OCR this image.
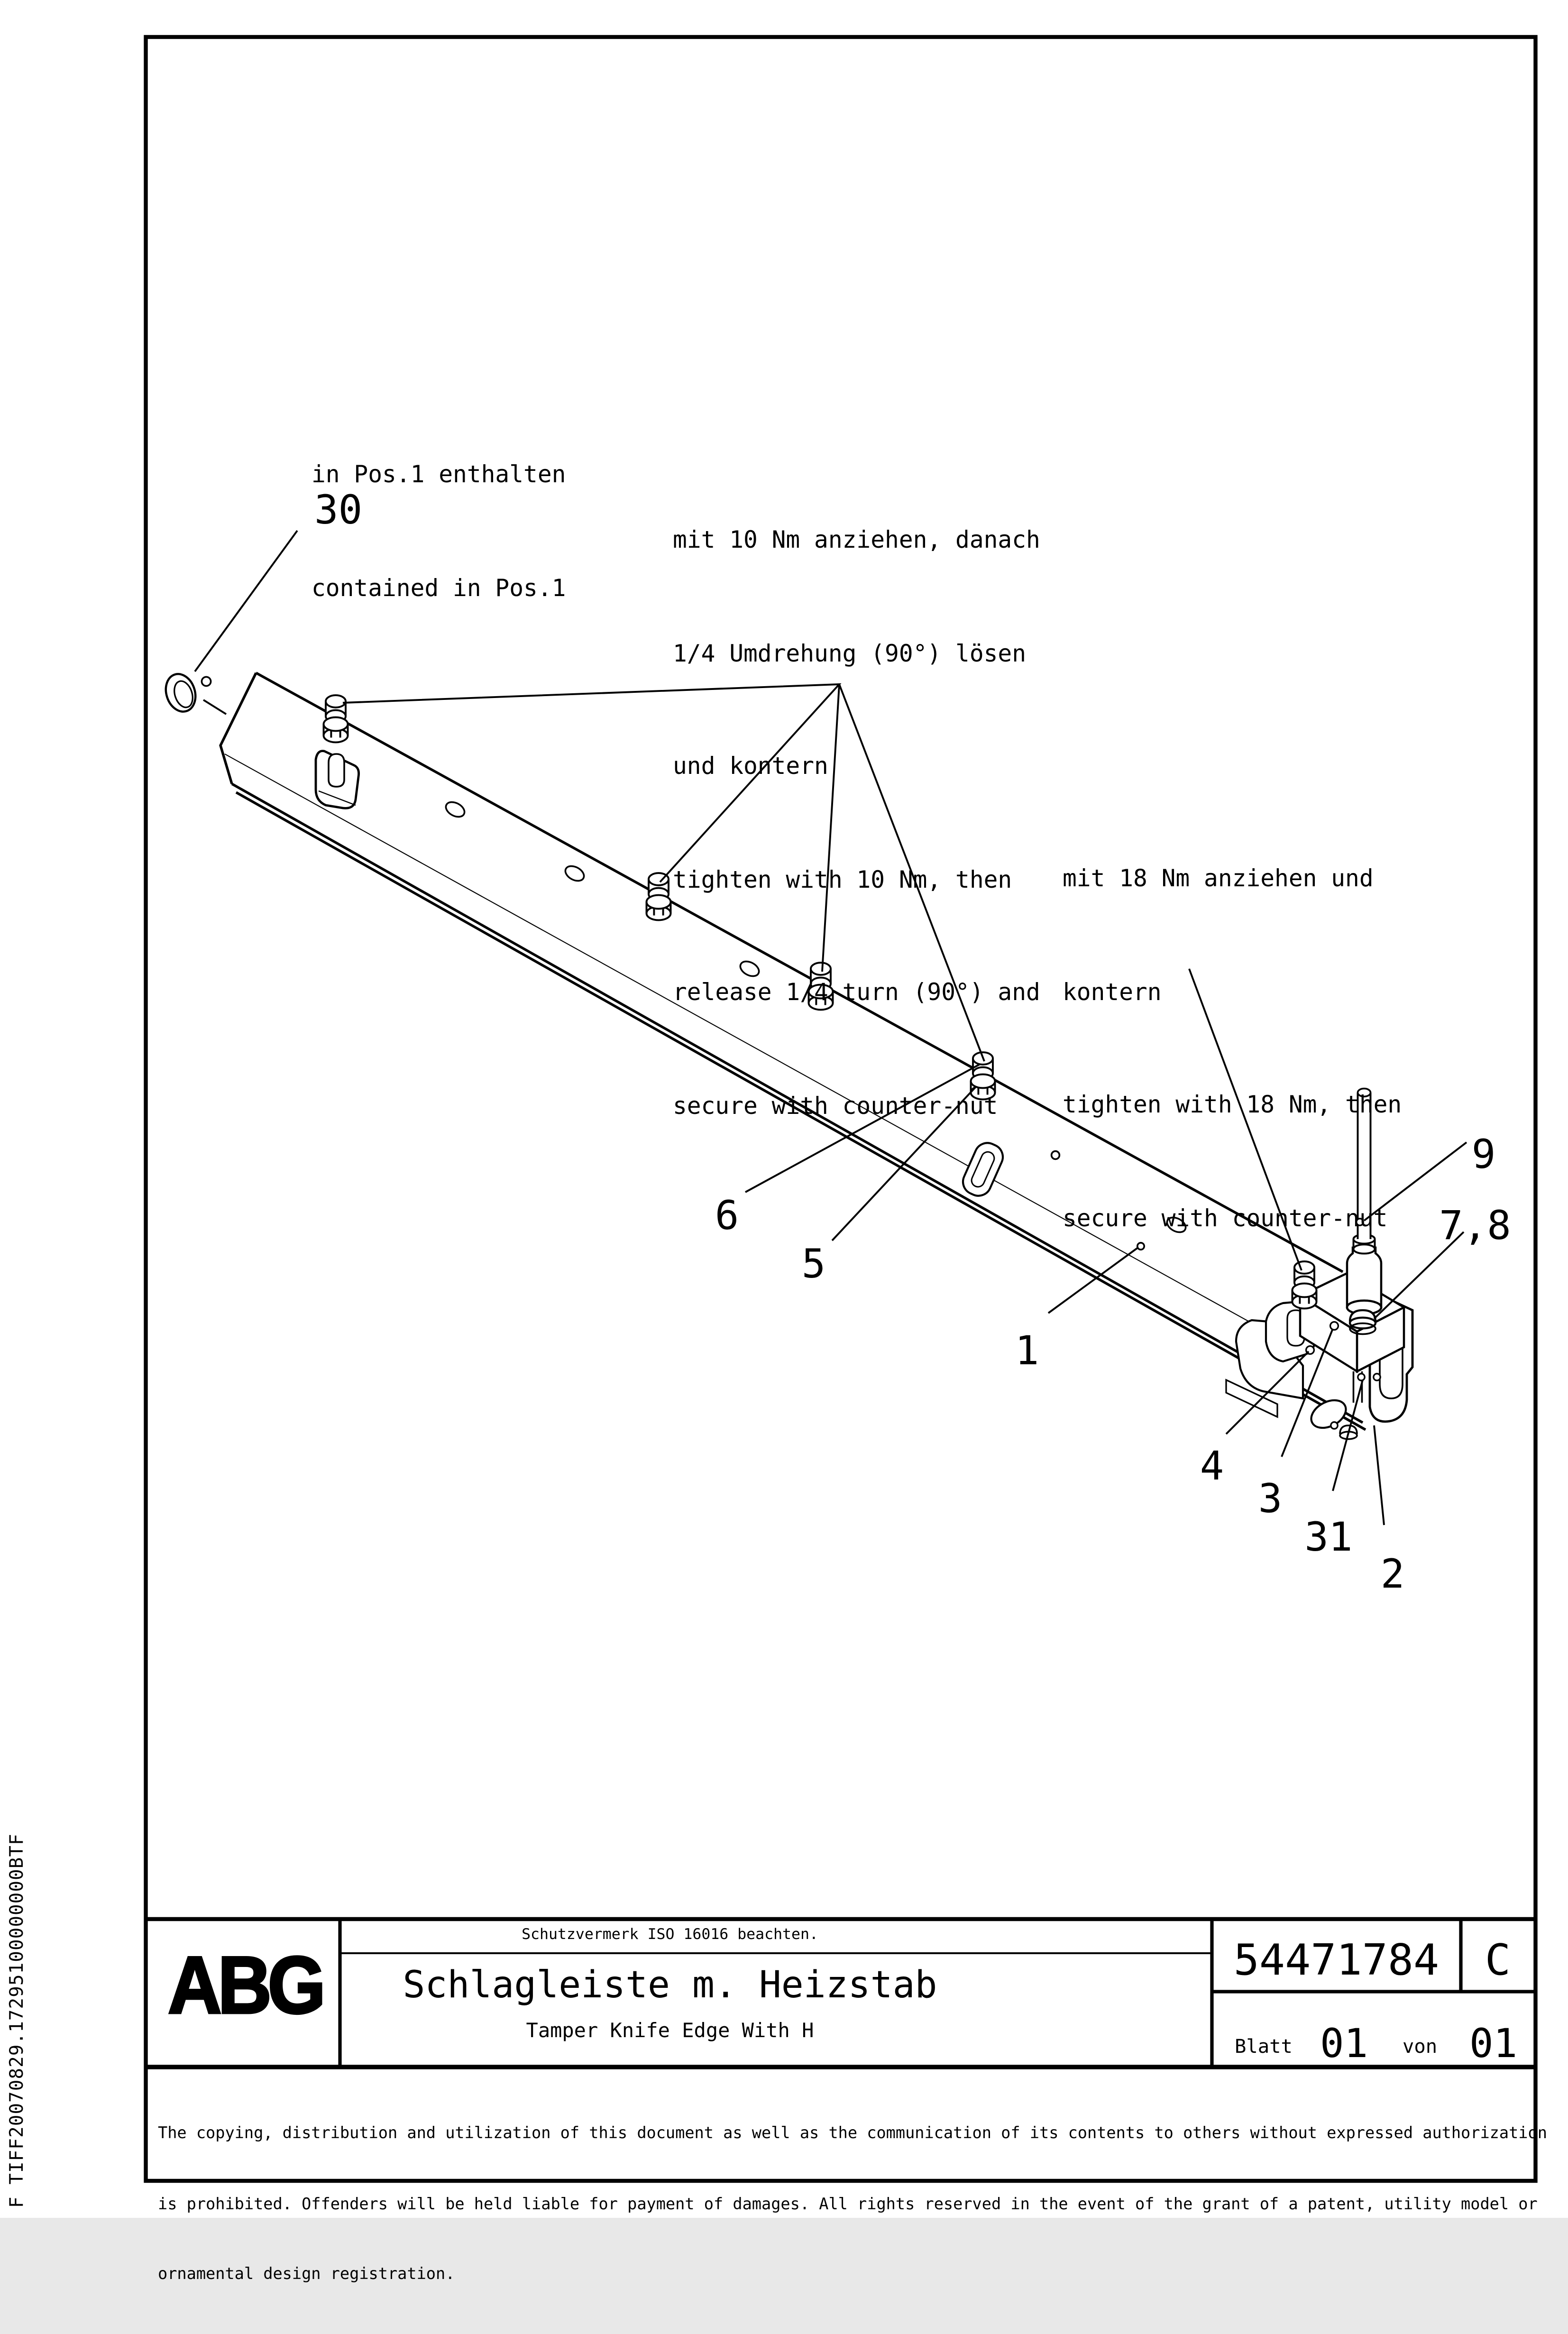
30
6
5
1
9
7,8
4
3
31
2
F TIFF20070829.17295100000000BTF

in Pos.1 enthalten

contained in Pos.1

mit 10 Nm anziehen, danach

1/4 Umdrehung (90°) lösen

und kontern

tighten with 10 Nm, then

release 1/4 turn (90°) and

secure with counter-nut

mit 18 Nm anziehen und

kontern

tighten with 18 Nm, then

secure with counter-nut

ABG
Schutzvermerk ISO 16016 beachten.
Schlagleiste m. Heizstab
Tamper Knife Edge With H
54471784	C
Blatt 01	von 01

The copying, distribution and utilization of this document as well as the communication of its contents to others without expressed authorization

is prohibited. Offenders will be held liable for payment of damages. All rights reserved in the event of the grant of a patent, utility model or

ornamental design registration.
